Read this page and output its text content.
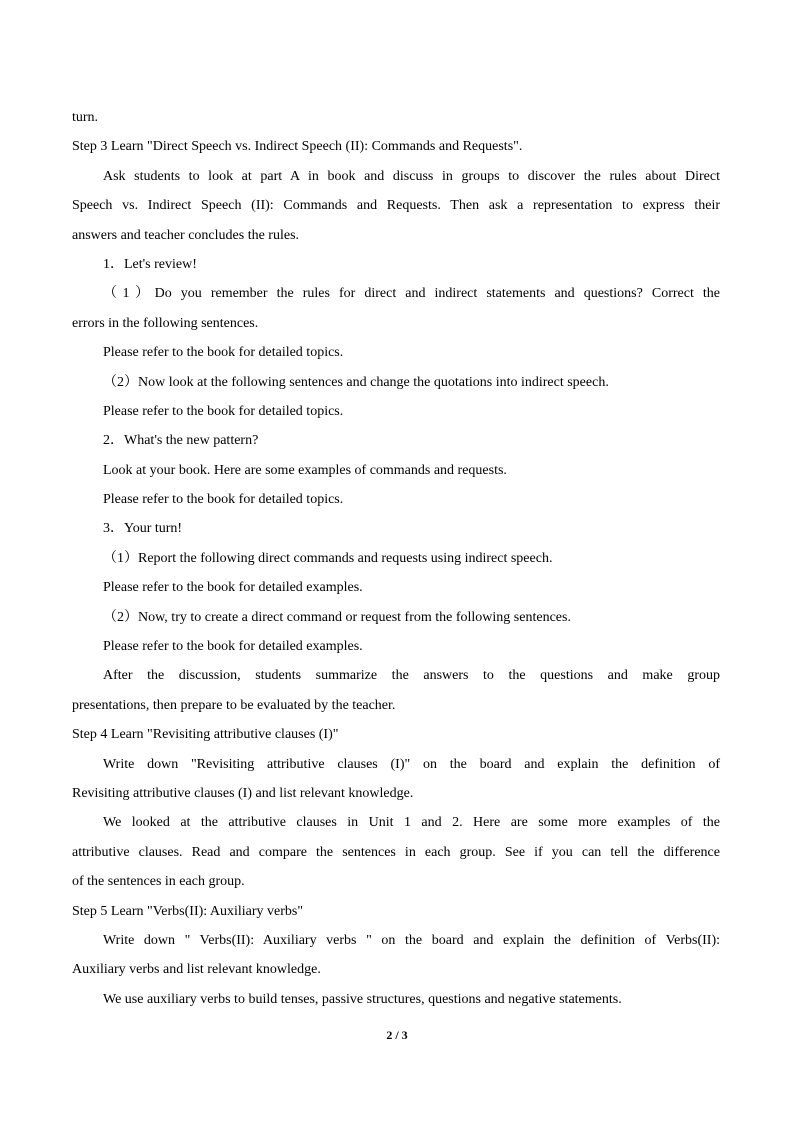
turn.
Step 3 Learn "Direct Speech vs. Indirect Speech (II): Commands and Requests".
Ask students to look at part A in book and discuss in groups to discover the rules about Direct
Speech vs. Indirect Speech (II): Commands and Requests. Then ask a representation to express their
answers and teacher concludes the rules.
1．Let's review!
（1）Do you remember the rules for direct and indirect statements and questions? Correct the
errors in the following sentences.
Please refer to the book for detailed topics.
（2）Now look at the following sentences and change the quotations into indirect speech.
Please refer to the book for detailed topics.
2．What's the new pattern?
Look at your book. Here are some examples of commands and requests.
Please refer to the book for detailed topics.
3．Your turn!
（1）Report the following direct commands and requests using indirect speech.
Please refer to the book for detailed examples.
（2）Now, try to create a direct command or request from the following sentences.
Please refer to the book for detailed examples.
After the discussion, students summarize the answers to the questions and make group
presentations, then prepare to be evaluated by the teacher.
Step 4 Learn "Revisiting attributive clauses (I)"
Write down "Revisiting attributive clauses (I)" on the board and explain the definition of
Revisiting attributive clauses (I) and list relevant knowledge.
We looked at the attributive clauses in Unit 1 and 2. Here are some more examples of the
attributive clauses. Read and compare the sentences in each group. See if you can tell the difference
of the sentences in each group.
Step 5 Learn "Verbs(II): Auxiliary verbs"
Write down " Verbs(II): Auxiliary verbs " on the board and explain the definition of Verbs(II):
Auxiliary verbs and list relevant knowledge.
We use auxiliary verbs to build tenses, passive structures, questions and negative statements.
2 / 3
